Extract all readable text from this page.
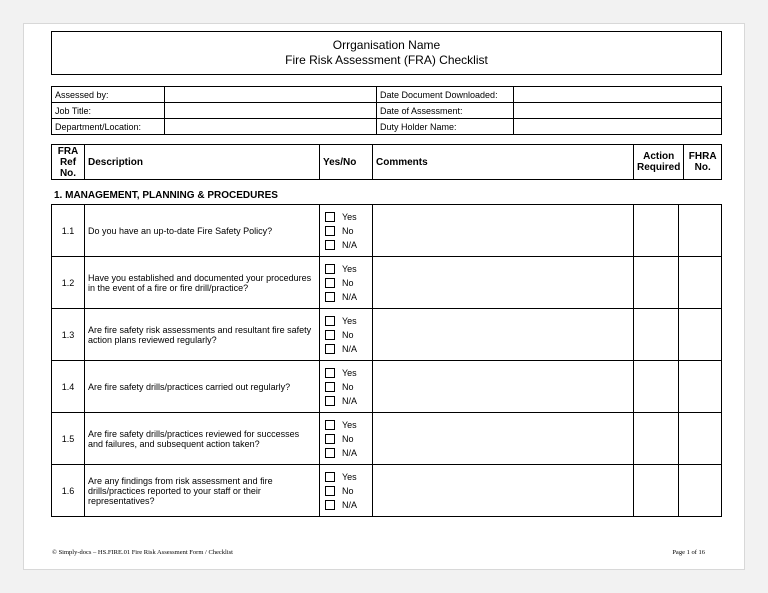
Orrganisation Name
Fire Risk Assessment (FRA) Checklist
Assessed by:		Date Document Downloaded:	
Job Title:		Date of Assessment:	
Department/Location:		Duty Holder Name:	
FRA Ref No.	Description	Yes/No	Comments	Action Required	FHRA No.
1. MANAGEMENT, PLANNING & PROCEDURES
1.1	Do you have an up-to-date Fire Safety Policy?	Yes
No
N/A			

1.2	Have you established and documented your procedures in the event of a fire or fire drill/practice?	Yes
No
N/A			

1.3	Are fire safety risk assessments and resultant fire safety action plans reviewed regularly?	Yes
No
N/A			

1.4	Are fire safety drills/practices carried out regularly?	Yes
No
N/A			

1.5	Are fire safety drills/practices reviewed for successes and failures, and subsequent action taken?	Yes
No
N/A			

1.6	Are any findings from risk assessment and fire drills/practices reported to your staff or their representatives?	Yes
No
N/A			

© Simply-docs – HS.FIRE.01 Fire Risk Assessment Form / Checklist	Page 1 of 16
